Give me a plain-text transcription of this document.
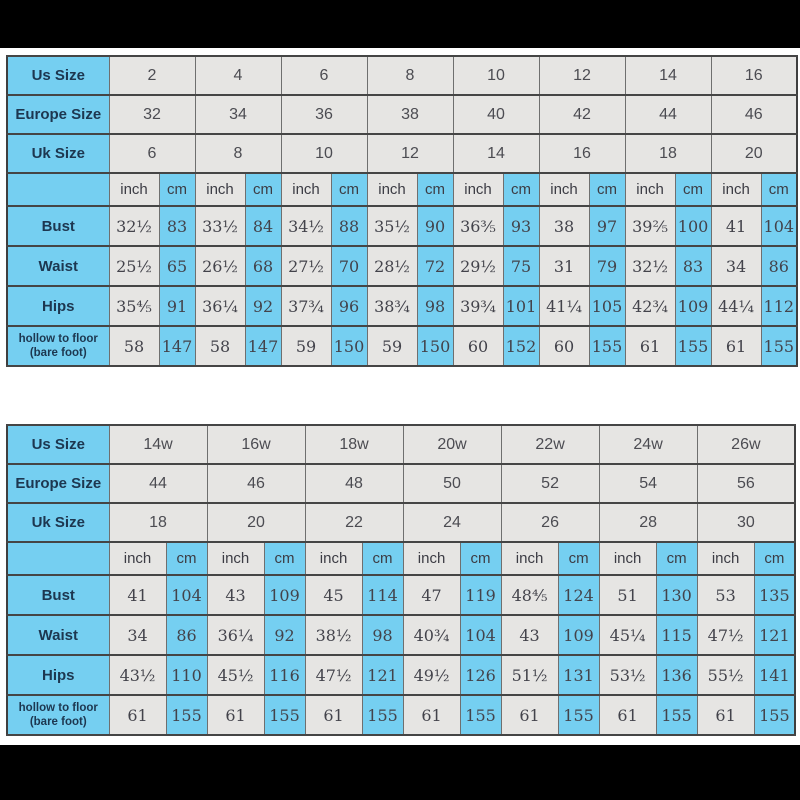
Us Size	2		4		6		8		10		12		14		16	
Europe Size	32		34		36		38		40		42		44		46	
Uk Size	6		8		10		12		14		16		18		20	
	inch	cm	inch	cm	inch	cm	inch	cm	inch	cm	inch	cm	inch	cm	inch	cm
Bust	32½	83	33½	84	34½	88	35½	90	36⅗	93	38	97	39⅖	100	41	104
Waist	25½	65	26½	68	27½	70	28½	72	29½	75	31	79	32½	83	34	86
Hips	35⅘	91	36¼	92	37¾	96	38¾	98	39¾	101	41¼	105	42¾	109	44¼	112
hollow to floor (bare foot)	58	147	58	147	59	150	59	150	60	152	60	155	61	155	61	155
Us Size	14w		16w		18w		20w		22w		24w		26w	
Europe Size	44		46		48		50		52		54		56	
Uk Size	18		20		22		24		26		28		30	
	inch	cm	inch	cm	inch	cm	inch	cm	inch	cm	inch	cm	inch	cm
Bust	41	104	43	109	45	114	47	119	48⅘	124	51	130	53	135
Waist	34	86	36¼	92	38½	98	40¾	104	43	109	45¼	115	47½	121
Hips	43½	110	45½	116	47½	121	49½	126	51½	131	53½	136	55½	141
hollow to floor (bare foot)	61	155	61	155	61	155	61	155	61	155	61	155	61	155
